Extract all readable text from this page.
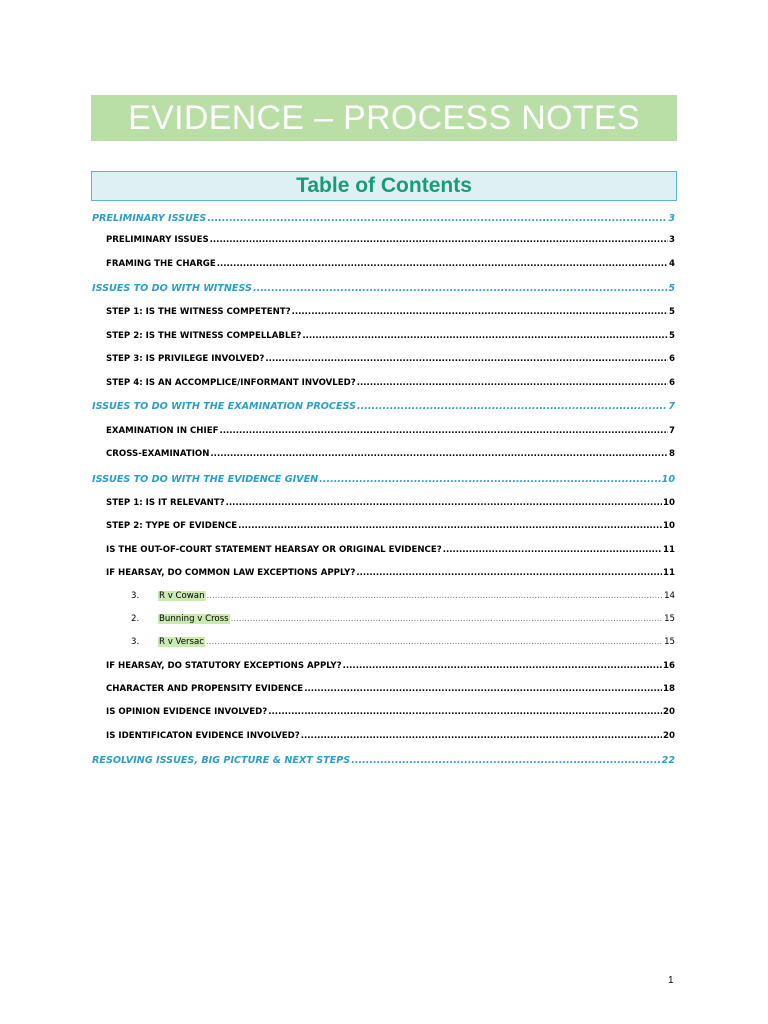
EVIDENCE – PROCESS NOTES
Table of Contents
PRELIMINARY ISSUES .....	3
PRELIMINARY ISSUES .....	3
FRAMING THE CHARGE .....	4
ISSUES TO DO WITH WITNESS .....	5
STEP 1: IS THE WITNESS COMPETENT? .....	5
STEP 2: IS THE WITNESS COMPELLABLE? .....	5
STEP 3: IS PRIVILEGE INVOLVED? .....	6
STEP 4: IS AN ACCOMPLICE/INFORMANT INVOVLED? .....	6
ISSUES TO DO WITH THE EXAMINATION PROCESS .....	7
EXAMINATION IN CHIEF .....	7
CROSS-EXAMINATION .....	8
ISSUES TO DO WITH THE EVIDENCE GIVEN .....	10
STEP 1: IS IT RELEVANT? .....	10
STEP 2: TYPE OF EVIDENCE .....	10
IS THE OUT-OF-COURT STATEMENT HEARSAY OR ORIGINAL EVIDENCE? .....	11
IF HEARSAY, DO COMMON LAW EXCEPTIONS APPLY? .....	11
3. R v Cowan .....	14
2. Bunning v Cross .....	15
3. R v Versac .....	15
IF HEARSAY, DO STATUTORY EXCEPTIONS APPLY? .....	16
CHARACTER AND PROPENSITY EVIDENCE .....	18
IS OPINION EVIDENCE INVOLVED? .....	20
IS IDENTIFICATON EVIDENCE INVOLVED? .....	20
RESOLVING ISSUES, BIG PICTURE & NEXT STEPS .....	22
1
